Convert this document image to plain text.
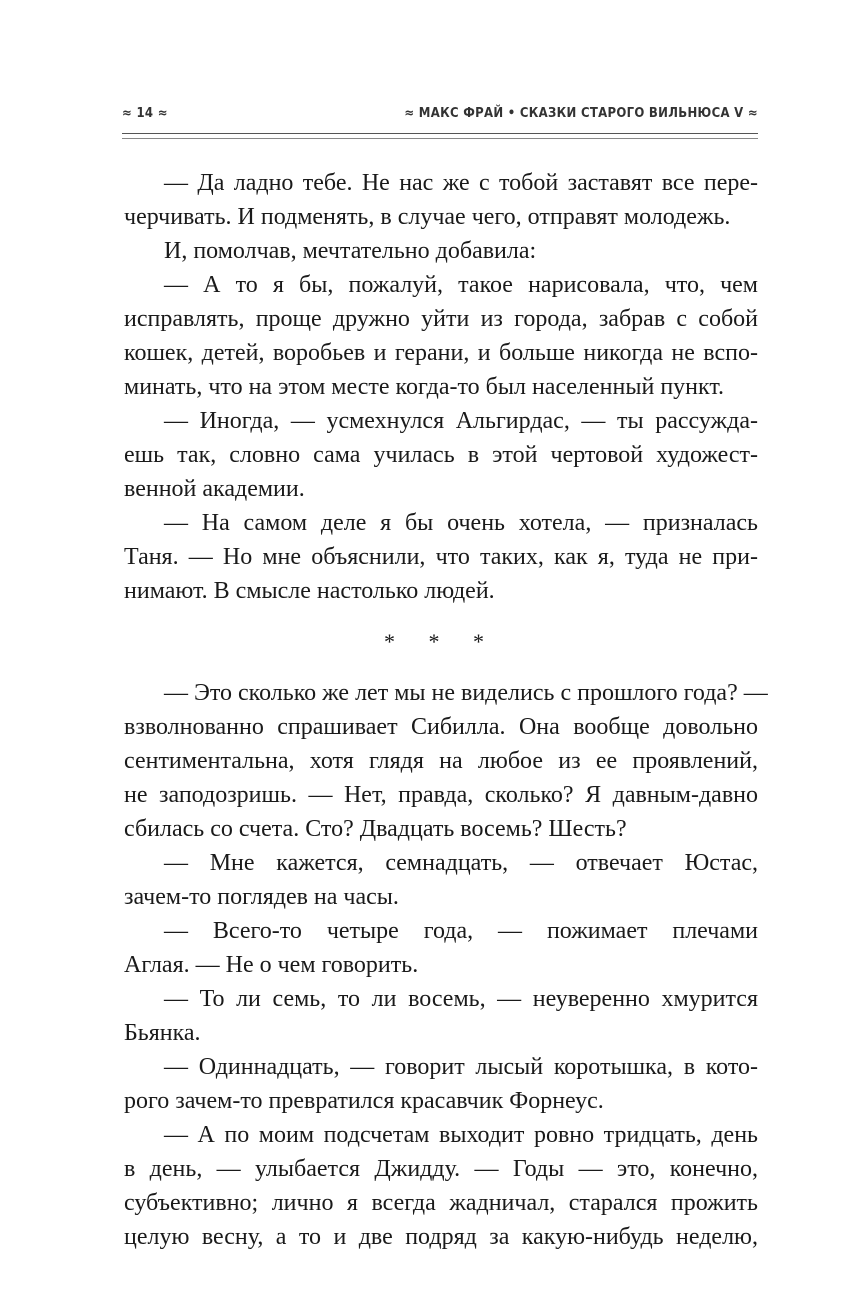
≈ 14 ≈	≈ МАКС ФРАЙ • СКАЗКИ СТАРОГО ВИЛЬНЮСА V ≈
— Да ладно тебе. Не нас же с тобой заставят все пере-
черчивать. И подменять, в случае чего, отправят молодежь.
И, помолчав, мечтательно добавила:
— А то я бы, пожалуй, такое нарисовала, что, чем
исправлять, проще дружно уйти из города, забрав с собой
кошек, детей, воробьев и герани, и больше никогда не вспо-
минать, что на этом месте когда-то был населенный пункт.
— Иногда, — усмехнулся Альгирдас, — ты рассужда-
ешь так, словно сама училась в этой чертовой художест-
венной академии.
— На самом деле я бы очень хотела, — призналась
Таня. — Но мне объяснили, что таких, как я, туда не при-
нимают. В смысле настолько людей.
* * *
— Это сколько же лет мы не виделись с прошлого года? —
взволнованно спрашивает Сибилла. Она вообще довольно
сентиментальна, хотя глядя на любое из ее проявлений,
не заподозришь. — Нет, правда, сколько? Я давным-давно
сбилась со счета. Сто? Двадцать восемь? Шесть?
— Мне кажется, семнадцать, — отвечает Юстас,
зачем-то поглядев на часы.
— Всего-то четыре года, — пожимает плечами
Аглая. — Не о чем говорить.
— То ли семь, то ли восемь, — неуверенно хмурится
Бьянка.
— Одиннадцать, — говорит лысый коротышка, в кото-
рого зачем-то превратился красавчик Форнеус.
— А по моим подсчетам выходит ровно тридцать, день
в день, — улыбается Джидду. — Годы — это, конечно,
субъективно; лично я всегда жадничал, старался прожить
целую весну, а то и две подряд за какую-нибудь неделю,
